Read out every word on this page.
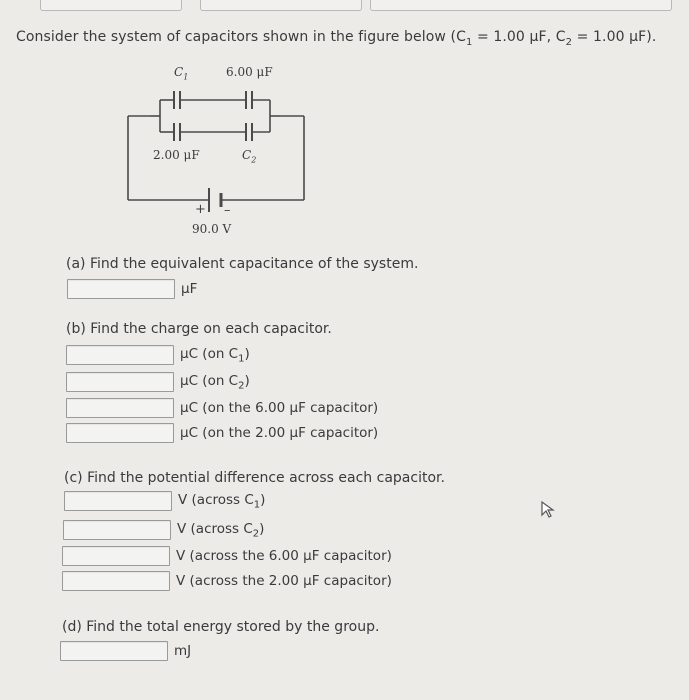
Consider the system of capacitors shown in the figure below ($C_1 = 1.00$ μF, $C_2 = 1.00$ μF).
$C_1$	6.00 μF
2.00 μF	$C_2$
+ –
90.0 V
(a) Find the equivalent capacitance of the system.
μF
(b) Find the charge on each capacitor.
μC (on $C_1$)
μC (on $C_2$)
μC (on the 6.00 μF capacitor)
μC (on the 2.00 μF capacitor)
(c) Find the potential difference across each capacitor.
V (across $C_1$)
V (across $C_2$)
V (across the 6.00 μF capacitor)
V (across the 2.00 μF capacitor)
(d) Find the total energy stored by the group.
mJ
